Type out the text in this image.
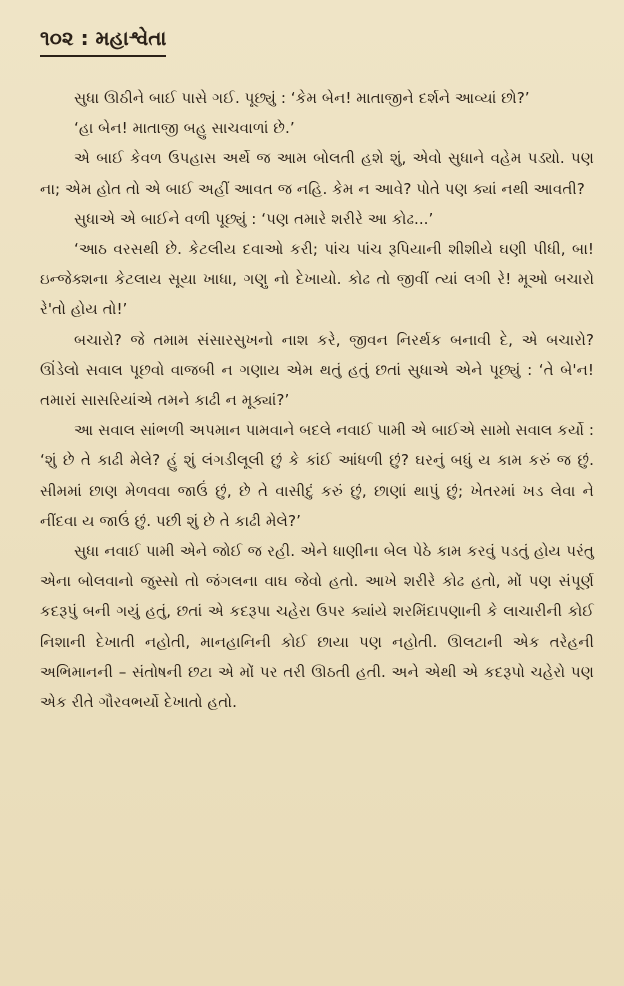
૧૦૨ : મહાશ્વેતા

સુધા ઊઠીને બાઈ પાસે ગઈ. પૂછ્યું : ‘કેમ બેન! માતાજીને દર્શને આવ્યાં છો?’

‘હા બેન! માતાજી બહુ સાચવાળાં છે.’

એ બાઈ કેવળ ઉપહાસ અર્થે જ આમ બોલતી હશે શું, એવો સુધાને વહેમ પડ્યો. પણ ના; એમ હોત તો એ બાઈ અહીં આવત જ નહિ. કેમ ન આવે? પોતે પણ ક્યાં નથી આવતી?

સુધાએ એ બાઈને વળી પૂછ્યું : ‘પણ તમારે શરીરે આ કોઢ...’

‘આઠ વરસથી છે. કેટલીય દવાઓ કરી; પાંચ પાંચ રૂપિયાની શીશીયે ઘણી પીધી, બા! ઇન્જેક્શના કેટલાય સૂયા ખાધા, ગણુ નો દેખાયો. કોઢ તો જીવીં ત્યાં લગી રે! મૂઓ બચારો રે'તો હોય તો!’

બચારો? જે તમામ સંસારસુખનો નાશ કરે, જીવન નિરર્થક બનાવી દે, એ બચારો? ઊંડેલો સવાલ પૂછવો વાજબી ન ગણાય એમ થતું હતું છતાં સુધાએ એને પૂછ્યું : ‘તે બે'ન! તમારાં સાસરિયાંએ તમને કાઢી ન મૂક્યાં?’

આ સવાલ સાંભળી અપમાન પામવાને બદલે નવાઈ પામી એ બાઈએ સામો સવાલ કર્યો : ‘શું છે તે કાઢી મેલે? હું શું લંગડીલૂલી છું કે કાંઈ આંધળી છું? ઘરનું બધું ય કામ કરું જ છું. સીમમાં છાણ મેળવવા જાઉં છું, છે તે વાસીદું કરું છું, છાણાં થાપું છું; ખેતરમાં ખડ લેવા ને નીંદવા ય જાઉં છું. પછી શું છે તે કાઢી મેલે?’

સુધા નવાઈ પામી એને જોઈ જ રહી. એને ધાણીના બેલ પેઠે કામ કરવું પડતું હોય પરંતુ એના બોલવાનો જુસ્સો તો જંગલના વાઘ જેવો હતો. આખે શરીરે કોઢ હતો, મોં પણ સંપૂર્ણ કદરૂપું બની ગયું હતું, છતાં એ કદરૂપા ચહેરા ઉપર ક્યાંયે શરમિંદાપણાની કે લાચારીની કોઈ નિશાની દેખાતી નહોતી, માનહાનિની કોઈ છાયા પણ નહોતી. ઊલટાની એક તરેહની અભિમાનની – સંતોષની છટા એ મોં પર તરી ઊઠતી હતી. અને એથી એ કદરૂપો ચહેરો પણ એક રીતે ગૌરવભર્યો દેખાતો હતો.
